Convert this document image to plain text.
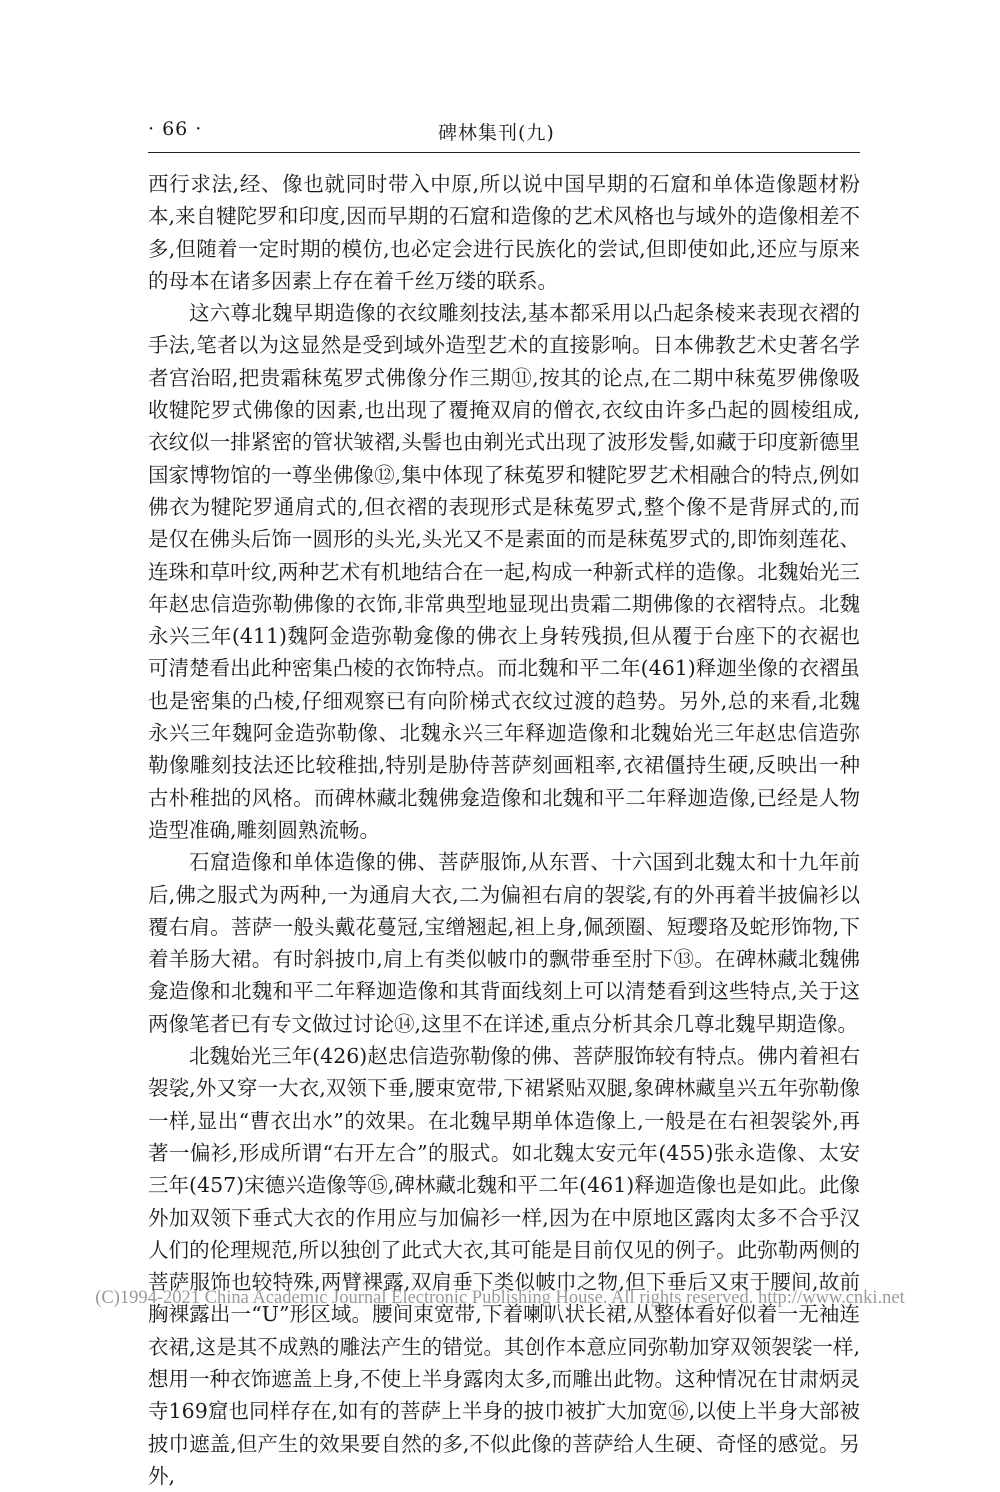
· 66 ·	碑林集刊(九)

西行求法,经、像也就同时带入中原,所以说中国早期的石窟和单体造像题材粉本,来自犍陀罗和印度,因而早期的石窟和造像的艺术风格也与域外的造像相差不多,但随着一定时期的模仿,也必定会进行民族化的尝试,但即使如此,还应与原来的母本在诸多因素上存在着千丝万缕的联系。

这六尊北魏早期造像的衣纹雕刻技法,基本都采用以凸起条棱来表现衣褶的手法,笔者以为这显然是受到域外造型艺术的直接影响。日本佛教艺术史著名学者宫治昭,把贵霜秣菟罗式佛像分作三期⑪,按其的论点,在二期中秣菟罗佛像吸收犍陀罗式佛像的因素,也出现了覆掩双肩的僧衣,衣纹由许多凸起的圆棱组成,衣纹似一排紧密的管状皱褶,头髻也由剃光式出现了波形发髻,如藏于印度新德里国家博物馆的一尊坐佛像⑫,集中体现了秣菟罗和犍陀罗艺术相融合的特点,例如佛衣为犍陀罗通肩式的,但衣褶的表现形式是秣菟罗式,整个像不是背屏式的,而是仅在佛头后饰一圆形的头光,头光又不是素面的而是秣菟罗式的,即饰刻莲花、连珠和草叶纹,两种艺术有机地结合在一起,构成一种新式样的造像。北魏始光三年赵忠信造弥勒佛像的衣饰,非常典型地显现出贵霜二期佛像的衣褶特点。北魏永兴三年(411)魏阿金造弥勒龛像的佛衣上身转残损,但从覆于台座下的衣裾也可清楚看出此种密集凸棱的衣饰特点。而北魏和平二年(461)释迦坐像的衣褶虽也是密集的凸棱,仔细观察已有向阶梯式衣纹过渡的趋势。另外,总的来看,北魏永兴三年魏阿金造弥勒像、北魏永兴三年释迦造像和北魏始光三年赵忠信造弥勒像雕刻技法还比较稚拙,特别是胁侍菩萨刻画粗率,衣裙僵持生硬,反映出一种古朴稚拙的风格。而碑林藏北魏佛龛造像和北魏和平二年释迦造像,已经是人物造型准确,雕刻圆熟流畅。

石窟造像和单体造像的佛、菩萨服饰,从东晋、十六国到北魏太和十九年前后,佛之服式为两种,一为通肩大衣,二为偏袒右肩的袈裟,有的外再着半披偏衫以覆右肩。菩萨一般头戴花蔓冠,宝缯翘起,袒上身,佩颈圈、短璎珞及蛇形饰物,下着羊肠大裙。有时斜披巾,肩上有类似帔巾的飘带垂至肘下⑬。在碑林藏北魏佛龛造像和北魏和平二年释迦造像和其背面线刻上可以清楚看到这些特点,关于这两像笔者已有专文做过讨论⑭,这里不在详述,重点分析其余几尊北魏早期造像。

北魏始光三年(426)赵忠信造弥勒像的佛、菩萨服饰较有特点。佛内着袒右袈裟,外又穿一大衣,双领下垂,腰束宽带,下裙紧贴双腿,象碑林藏皇兴五年弥勒像一样,显出“曹衣出水”的效果。在北魏早期单体造像上,一般是在右袒袈裟外,再著一偏衫,形成所谓“右开左合”的服式。如北魏太安元年(455)张永造像、太安三年(457)宋德兴造像等⑮,碑林藏北魏和平二年(461)释迦造像也是如此。此像外加双领下垂式大衣的作用应与加偏衫一样,因为在中原地区露肉太多不合乎汉人们的伦理规范,所以独创了此式大衣,其可能是目前仅见的例子。此弥勒两侧的菩萨服饰也较特殊,两臂裸露,双肩垂下类似帔巾之物,但下垂后又束于腰间,故前胸裸露出一“U”形区域。腰间束宽带,下着喇叭状长裙,从整体看好似着一无袖连衣裙,这是其不成熟的雕法产生的错觉。其创作本意应同弥勒加穿双领袈裟一样,想用一种衣饰遮盖上身,不使上半身露肉太多,而雕出此物。这种情况在甘肃炳灵寺169窟也同样存在,如有的菩萨上半身的披巾被扩大加宽⑯,以使上半身大部被披巾遮盖,但产生的效果要自然的多,不似此像的菩萨给人生硬、奇怪的感觉。另外,

(C)1994-2021 China Academic Journal Electronic Publishing House. All rights reserved. http://www.cnki.net
